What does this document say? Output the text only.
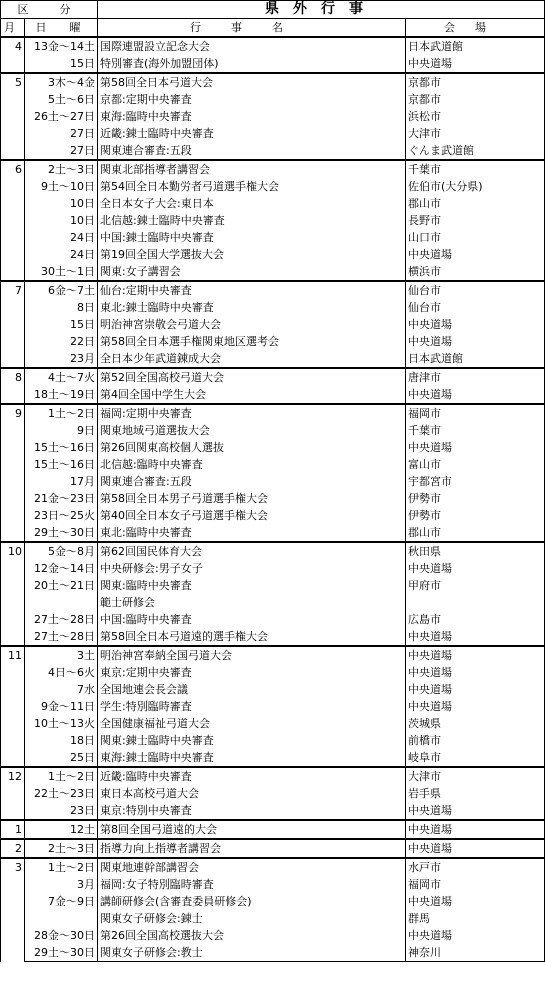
区　分		県外行事	
月	日　曜	行事名	会場
4	13金〜14土	国際連盟設立記念大会	日本武道館
	15日	特別審査(海外加盟団体)	中央道場
5	3木〜4金	第58回全日本弓道大会	京都市
	5土〜6日	京都:定期中央審査	京都市
	26土〜27日	東海:臨時中央審査	浜松市
	27日	近畿:錬士臨時中央審査	大津市
	27日	関東連合審査:五段	ぐんま武道館
6	2土〜3日	関東北部指導者講習会	千葉市
	9土〜10日	第54回全日本勤労者弓道選手権大会	佐伯市(大分県)
	10日	全日本女子大会:東日本	郡山市
	10日	北信越:錬士臨時中央審査	長野市
	24日	中国:錬士臨時中央審査	山口市
	24日	第19回全国大学選抜大会	中央道場
	30土〜1日	関東:女子講習会	横浜市
7	6金〜7土	仙台:定期中央審査	仙台市
	8日	東北:錬士臨時中央審査	仙台市
	15日	明治神宮崇敬会弓道大会	中央道場
	22日	第58回全日本選手権関東地区選考会	中央道場
	23月	全日本少年武道錬成大会	日本武道館
8	4土〜7火	第52回全国高校弓道大会	唐津市
	18土〜19日	第4回全国中学生大会	中央道場
9	1土〜2日	福岡:定期中央審査	福岡市
	9日	関東地域弓道選抜大会	千葉市
	15土〜16日	第26回関東高校個人選抜	中央道場
	15土〜16日	北信越:臨時中央審査	富山市
	17月	関東連合審査:五段	宇都宮市
	21金〜23日	第58回全日本男子弓道選手権大会	伊勢市
	23日〜25火	第40回全日本女子弓道選手権大会	伊勢市
	29土〜30日	東北:臨時中央審査	郡山市
10	5金〜8月	第62回国民体育大会	秋田県
	12金〜14日	中央研修会:男子女子	中央道場
	20土〜21日	関東:臨時中央審査	甲府市
		範士研修会	
	27土〜28日	中国:臨時中央審査	広島市
	27土〜28日	第58回全日本弓道遠的選手権大会	中央道場
11	3土	明治神宮奉納全国弓道大会	中央道場
	4日〜6火	東京:定期中央審査	中央道場
	7水	全国地連会長会議	中央道場
	9金〜11日	学生:特別臨時審査	中央道場
	10土〜13火	全国健康福祉弓道大会	茨城県
	18日	関東:錬士臨時中央審査	前橋市
	25日	東海:錬士臨時中央審査	岐阜市
12	1土〜2日	近畿:臨時中央審査	大津市
	22土〜23日	東日本高校弓道大会	岩手県
	23日	東京:特別中央審査	中央道場
1	12土	第8回全国弓道遠的大会	中央道場
2	2土〜3日	指導力向上指導者講習会	中央道場
3	1土〜2日	関東地連幹部講習会	水戸市
	3月	福岡:女子特別臨時審査	福岡市
	7金〜9日	講師研修会(含審査委員研修会)	中央道場
		関東女子研修会:錬士	群馬
	28金〜30日	第26回全国高校選抜大会	中央道場
	29土〜30日	関東女子研修会:教士	神奈川
